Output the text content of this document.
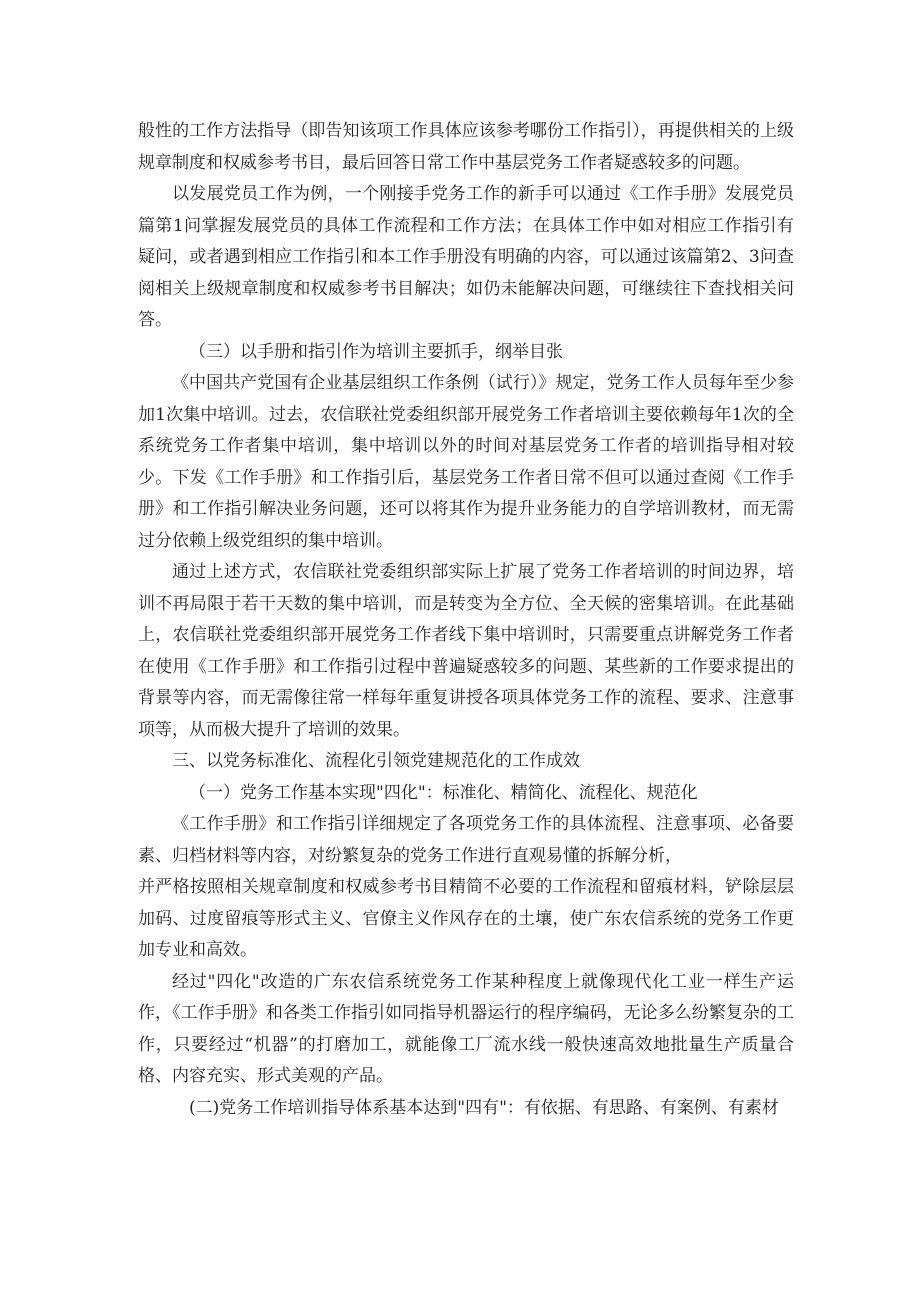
般性的工作方法指导（即告知该项工作具体应该参考哪份工作指引），再提供相关的上级规章制度和权威参考书目，最后回答日常工作中基层党务工作者疑惑较多的问题。

以发展党员工作为例，一个刚接手党务工作的新手可以通过《工作手册》发展党员篇第1问掌握发展党员的具体工作流程和工作方法；在具体工作中如对相应工作指引有疑问，或者遇到相应工作指引和本工作手册没有明确的内容，可以通过该篇第2、3问查阅相关上级规章制度和权威参考书目解决；如仍未能解决问题，可继续往下查找相关问答。

（三）以手册和指引作为培训主要抓手，纲举目张

《中国共产党国有企业基层组织工作条例（试行）》规定，党务工作人员每年至少参加1次集中培训。过去，农信联社党委组织部开展党务工作者培训主要依赖每年1次的全系统党务工作者集中培训，集中培训以外的时间对基层党务工作者的培训指导相对较少。下发《工作手册》和工作指引后，基层党务工作者日常不但可以通过查阅《工作手册》和工作指引解决业务问题，还可以将其作为提升业务能力的自学培训教材，而无需过分依赖上级党组织的集中培训。

通过上述方式，农信联社党委组织部实际上扩展了党务工作者培训的时间边界，培训不再局限于若干天数的集中培训，而是转变为全方位、全天候的密集培训。在此基础上，农信联社党委组织部开展党务工作者线下集中培训时，只需要重点讲解党务工作者在使用《工作手册》和工作指引过程中普遍疑惑较多的问题、某些新的工作要求提出的背景等内容，而无需像往常一样每年重复讲授各项具体党务工作的流程、要求、注意事项等，从而极大提升了培训的效果。

三、以党务标准化、流程化引领党建规范化的工作成效

（一）党务工作基本实现"四化"：标准化、精简化、流程化、规范化

《工作手册》和工作指引详细规定了各项党务工作的具体流程、注意事项、必备要素、归档材料等内容，对纷繁复杂的党务工作进行直观易懂的拆解分析，

并严格按照相关规章制度和权威参考书目精简不必要的工作流程和留痕材料，铲除层层加码、过度留痕等形式主义、官僚主义作风存在的土壤，使广东农信系统的党务工作更加专业和高效。

经过"四化"改造的广东农信系统党务工作某种程度上就像现代化工业一样生产运作，《工作手册》和各类工作指引如同指导机器运行的程序编码，无论多么纷繁复杂的工作，只要经过“机器”的打磨加工，就能像工厂流水线一般快速高效地批量生产质量合格、内容充实、形式美观的产品。

(二)党务工作培训指导体系基本达到"四有"：有依据、有思路、有案例、有素材
